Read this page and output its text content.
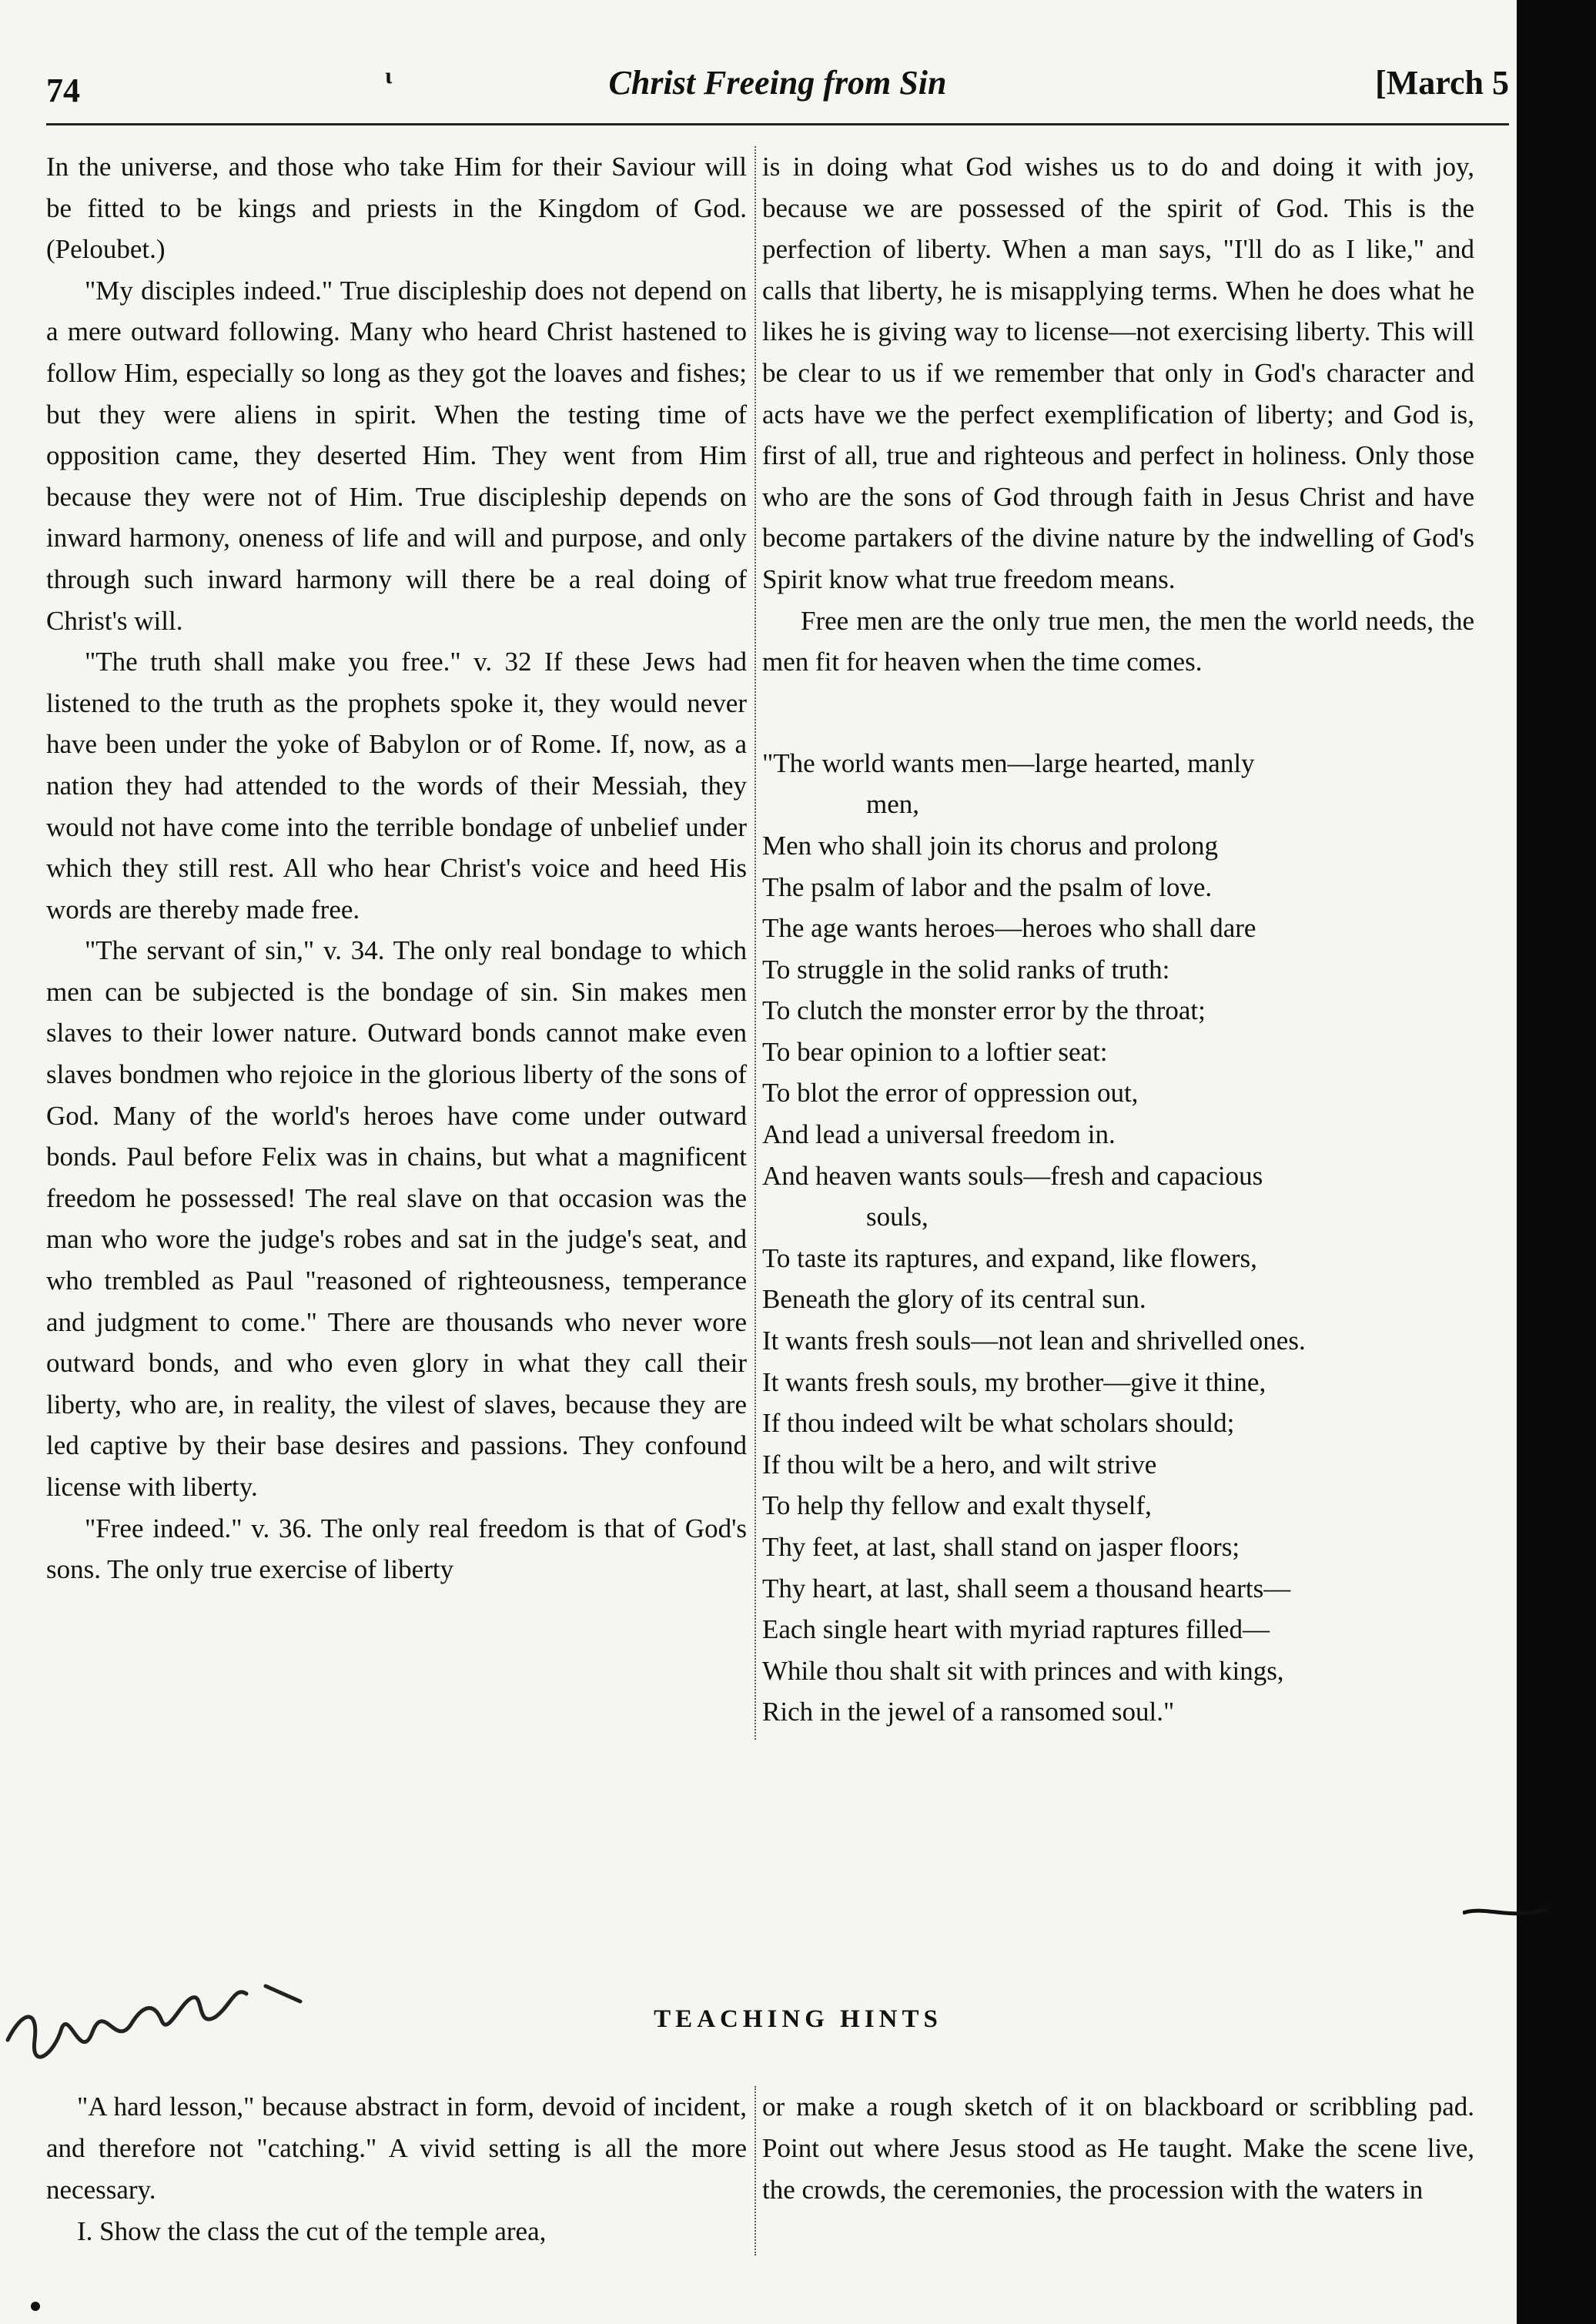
74	ι	Christ Freeing from Sin	[March 5

In the universe, and those who take Him for their Saviour will be fitted to be kings and priests in the Kingdom of God. (Peloubet.)

"My disciples indeed." True discipleship does not depend on a mere outward following. Many who heard Christ hastened to follow Him, especially so long as they got the loaves and fishes; but they were aliens in spirit. When the testing time of opposition came, they deserted Him. They went from Him because they were not of Him. True discipleship depends on inward harmony, oneness of life and will and purpose, and only through such inward harmony will there be a real doing of Christ's will.

"The truth shall make you free." v. 32 If these Jews had listened to the truth as the prophets spoke it, they would never have been under the yoke of Babylon or of Rome. If, now, as a nation they had attended to the words of their Messiah, they would not have come into the terrible bondage of unbelief under which they still rest. All who hear Christ's voice and heed His words are thereby made free.

"The servant of sin," v. 34. The only real bondage to which men can be subjected is the bondage of sin. Sin makes men slaves to their lower nature. Outward bonds cannot make even slaves bondmen who rejoice in the glorious liberty of the sons of God. Many of the world's heroes have come under outward bonds. Paul before Felix was in chains, but what a magnificent freedom he possessed! The real slave on that occasion was the man who wore the judge's robes and sat in the judge's seat, and who trembled as Paul "reasoned of righteousness, temperance and judgment to come." There are thousands who never wore outward bonds, and who even glory in what they call their liberty, who are, in reality, the vilest of slaves, because they are led captive by their base desires and passions. They confound license with liberty.

"Free indeed." v. 36. The only real freedom is that of God's sons. The only true exercise of liberty

is in doing what God wishes us to do and doing it with joy, because we are possessed of the spirit of God. This is the perfection of liberty. When a man says, "I'll do as I like," and calls that liberty, he is misapplying terms. When he does what he likes he is giving way to license—not exercising liberty. This will be clear to us if we remember that only in God's character and acts have we the perfect exemplification of liberty; and God is, first of all, true and righteous and perfect in holiness. Only those who are the sons of God through faith in Jesus Christ and have become partakers of the divine nature by the indwelling of God's Spirit know what true freedom means.

Free men are the only true men, the men the world needs, the men fit for heaven when the time comes.

"The world wants men—large hearted, manly

men,

Men who shall join its chorus and prolong

The psalm of labor and the psalm of love.

The age wants heroes—heroes who shall dare

To struggle in the solid ranks of truth:

To clutch the monster error by the throat;

To bear opinion to a loftier seat:

To blot the error of oppression out,

And lead a universal freedom in.

And heaven wants souls—fresh and capacious

souls,

To taste its raptures, and expand, like flowers,

Beneath the glory of its central sun.

It wants fresh souls—not lean and shrivelled ones.

It wants fresh souls, my brother—give it thine,

If thou indeed wilt be what scholars should;

If thou wilt be a hero, and wilt strive

To help thy fellow and exalt thyself,

Thy feet, at last, shall stand on jasper floors;

Thy heart, at last, shall seem a thousand hearts—

Each single heart with myriad raptures filled—

While thou shalt sit with princes and with kings,

Rich in the jewel of a ransomed soul."

apply self
TEACHING HINTS

"A hard lesson," because abstract in form, devoid of incident, and therefore not "catching." A vivid setting is all the more necessary.

I. Show the class the cut of the temple area,

or make a rough sketch of it on blackboard or scribbling pad. Point out where Jesus stood as He taught. Make the scene live, the crowds, the ceremonies, the procession with the waters in
